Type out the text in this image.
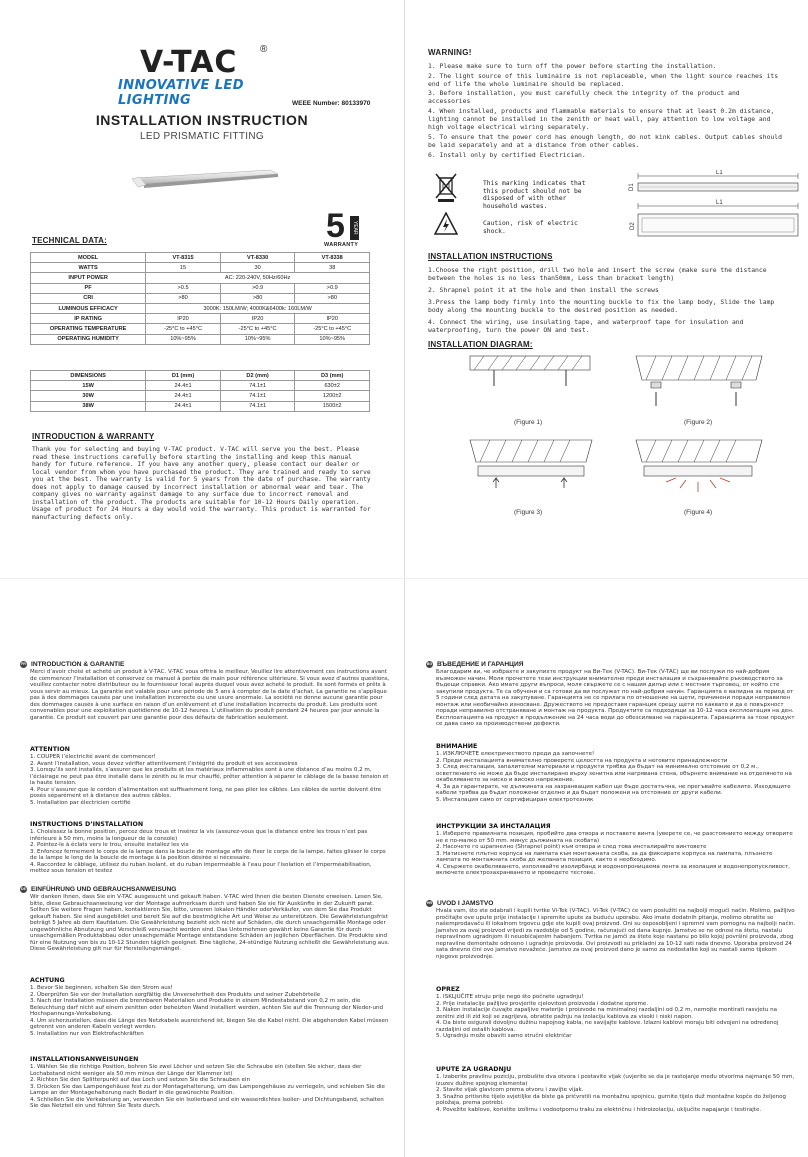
V-TAC ®
INNOVATIVE LED LIGHTING	WEEE Number: 80133970
INSTALLATION INSTRUCTION
LED PRISMATIC FITTING
5	YEAR
WARRANTY
TECHNICAL DATA:
MODEL	VT-8315	VT-8330	VT-8338
WATTS	15	30	38
INPUT POWER	AC: 220-240V, 50Hz/60Hz		
PF	>0.5	>0.9	>0.9
CRI	>80	>80	>80
LUMINOUS EFFICACY	3000K: 150LM/W; 4000K&6400k: 160LM/W		
IP RATING	IP20	IP20	IP20
OPERATING TEMPERATURE	-25°C to +45°C	-25°C to +45°C	-25°C to +45°C
OPERATING HUMIDITY	10%~95%	10%~95%	10%~95%
DIMENSIONS	D1 (mm)	D2 (mm)	D3 (mm)
15W	24.4±1	74.1±1	630±2
30W	24.4±1	74.1±1	1200±2
38W	24.4±1	74.1±1	1500±2
INTRODUCTION & WARRANTY
Thank you for selecting and buying V-TAC product. V-TAC will serve you the best. Please read these instructions carefully before starting the installing and keep this manual handy for future reference. If you have any another query, please contact our dealer or local vendor from whom you have purchased the product. They are trained and ready to serve you at the best. The warranty is valid for 5 years from the date of purchase. The warranty does not apply to damage caused by incorrect installation or abnormal wear and tear. The company gives no warranty against damage to any surface due to incorrect removal and installation of the product. The products are suitable for 10-12 Hours Daily operation. Usage of product for 24 Hours a day would void the warranty. This product is warranted for manufacturing defects only.
WARNING!
1. Please make sure to turn off the power before starting the installation.
2. The light source of this luminaire is not replaceable, when the light source reaches its end of life the whole luminaire should be replaced.
3. Before installation, you must carefully check the integrity of the product and accessories
4. When installed, products and flammable materials to ensure that at least 0.2m distance, lighting cannot be installed in the zenith or heat wall, pay attention to low voltage and high voltage electrical wiring separately.
5. To ensure that the power cord has enough length, do not kink cables. Output cables should be laid separately and at a distance from other cables.
6. Install only by certified Electrician.
This marking indicates that this product should not be disposed of with other household wastes.
Caution, risk of electric shock.
L1
D1
L1
D2
INSTALLATION INSTRUCTIONS
1.Choose the right position, drill two hole and insert the screw (make sure the distance between the holes is no less than50mm, Less than bracket length)
2. Shrapnel point it at the hole and then install the screws
3.Press the lamp body firmly into the mounting buckle to fix the lamp body, Slide the lamp body along the mounting buckle to the desired position as needed.
4. Connect the wiring, use insulating tape, and waterproof tape for insulation and waterproofing, turn the power ON and test.
INSTALLATION DIAGRAM:
(Figure 1)	(Figure 2)
(Figure 3)	(Figure 4)
FR INTRODUCTION & GARANTIE
Merci d’avoir choisi et acheté un produit à V-TAC. V-TAC vous offrira le meilleur. Veuillez lire attentivement ces instructions avant de commencer l’installation et conservez ce manuel à portée de main pour référence ultérieure. Si vous avez d’autres questions, veuillez contacter notre distributeur ou le fournisseur local auprès duquel vous avez acheté le produit. Ils sont formés et prêts à vous servir au mieux. La garantie est valable pour une période de 5 ans à compter de la date d’achat. La garantie ne s’applique pas à des dommages causés par une installation incorrecte ou une usure anormale. La société ne donne aucune garantie pour des dommages causés à une surface en raison d’un enlèvement et d’une installation incorrects du produit. Les produits sont convenables pour une exploitation quotidienne de 10-12 heures. L’utilisation du produit pendant 24 heures par jour annule la garantie. Ce produit est couvert par une garantie pour des défauts de fabrication seulement.
ATTENTION
1. COUPER l’électricité avant de commencer!
2. Avant l’installation, vous devez vérifier attentivement l’intégrité du produit et ses accessoires
3. Lorsqu’ils sont installés, s’assurer que les produits et les matériaux inflammables sont à une distance d’au moins 0,2 m, l’éclairage ne peut pas être installé dans le zénith ou le mur chauffé, prêter attention à séparer le câblage de la basse tension et la haute tension.
4. Pour s’assurer que le cordon d’alimentation est suffisamment long, ne pas plier les câbles. Les câbles de sortie doivent être posés séparément et à distance des autres câbles.
5. Installation par électricien certifié
INSTRUCTIONS D’INSTALLATION
1. Choisissez la bonne position, percez deux trous et insérez la vis (assurez-vous que la distance entre les trous n’est pas inférieure à 50 mm, moins la longueur de la console)
2. Pointez-le à éclats vers le trou, ensuite installez les vis
3. Enfoncez fermement le corps de la lampe dans la boucle de montage afin de fixer le corps de la lampe, faites glisser le corps de la lampe le long de la boucle de montage à la position désirée si nécessaire.
4. Raccordez le câblage, utilisez du ruban isolant, et du ruban imperméable à l’eau pour l’isolation et l’imperméabilisation, mettez sous tension et testez
DE EINFÜHRUNG UND GEBRAUCHSANWEISUNG
Wir danken Ihnen, dass Sie ein V-TAC ausgesucht und gekauft haben. V-TAC wird Ihnen die besten Dienste erweisen. Lesen Sie, bitte, diese Gebrauchsanweisung vor der Montage aufmerksam durch und haben Sie sie für Auskünfte in der Zukunft parat. Sollten Sie weitere Fragen haben, kontaktieren Sie, bitte, unseren lokalen Händler oderVerkäufer, von dem Sie das Produkt gekauft haben. Sie sind ausgebildet und bereit Sie auf die bestmögliche Art und Weise zu unterstützen. Die Gewährleistungsfrist beträgt 5 Jahre ab dem Kaufdatum. Die Gewährleistung bezieht sich nicht auf Schäden, die durch unsachgemäße Montage oder ungewöhnliche Abnutzung und Verschleiß verursacht worden sind. Das Unternehmen gewährt keine Garantie für durch unsachgemäßen Produktabbau oder unsachgemäße Montage entstandene Schäden an jeglichen Oberflächen. Die Produkte sind für eine Nutzung von bis zu 10-12 Stunden täglich geeignet. Eine tägliche, 24-stündige Nutzung schließt die Gewährleistung aus. Diese Gewährleistung gilt nur für Herstellungsmängel.
ACHTUNG
1. Bevor Sie beginnen, schalten Sie den Strom aus!
2. Überprüfen Sie vor der Installation sorgfältig die Unversehrtheit des Produkts und seiner Zubehörteile
3. Nach der Installation müssen die brennbaren Materialien und Produkte in einem Mindestabstand von 0,2 m sein, die Beleuchtung darf nicht auf einem zenitten oder beheizten Wand installiert werden, achten Sie auf die Trennung der Nieder-und Hochspannungs-Verkabelung.
4. Um sicherzustellen, dass die Länge des Netzkabels ausreichend ist, biegen Sie die Kabel nicht. Die abgehenden Kabel müssen getrennt von anderen Kabeln verlegt werden.
5. Installation nur von Elektrofachkräften
INSTALLATIONSANWEISUNGEN
1. Wählen Sie die richtige Position, bohren Sie zwei Löcher und setzen Sie die Schraube ein (stellen Sie sicher, dass der Lochabstand nicht weniger als 50 mm minus der Länge der Klammer ist)
2. Richten Sie den Splitterpunkt auf das Loch und setzen Sie die Schrauben ein
3. Drücken Sie das Lampengehäuse fest zu der Montagehalterung, um das Lampengehäuse zu verriegeln, und schieben Sie die Lampe an der Montagehalterung nach Bedarf in die gewünschte Position.
4. Schließen Sie die Verkabelung an, verwenden Sie ein Isolierband und ein wasserdichtes Isolier- und Dichtungsband, schalten Sie das Netzteil ein und führen Sie Tests durch.
BG ВЪВЕДЕНИЕ И ГАРАНЦИЯ
Благодарим ви, че избрахте и закупихте продукт на Ви-Тек (V-TAC). Ви-Тек (V-TAC) ще ви послужи по най-добрия възможен начин. Моля прочетете тези инструкции внимателно преди инсталация и съхранявайте ръководството за бъдещи справки. Ако имате други въпроси, моля свържете се с нашия дилър или с местния търговец, от който сте закупили продукта. Те са обучени и са готови да ви послужат по най-добрия начин. Гаранцията е валидна за период от 5 години след датата на закупуване. Гаранцията не се прилага по отношение на щети, причинени поради неправилен монтаж или необичайно износване. Дружеството не предоставя гаранция срещу щети по каквато и да е повърхност поради неправилно отстраняване и монтаж на продукта. Продуктите са подходящи за 10-12 часа експлоатация на ден. Експлоатацията на продукт в продължение на 24 часа води до обезсилване на гаранцията. Гаранцията за този продукт се дава само за производствени дефекти.
ВНИМАНИЕ
1. ИЗКЛЮЧЕТЕ електричеството преди да започнете!
2. Преди инсталацията внимателно проверете целостта на продукта и неговите принадлежности
3. След инсталация, запалителни материали и продукти трябва да бъдат на минимално отстояние от 0,2 м., осветлението не може да бъде инсталирано върху зенитна или нагрявана стена, обърнете внимание на отделянето на окабеляването за ниско и високо напрежение.
4. За да гарантирате, че дължината на захранващия кабел ще бъде достатъчна, не прегъвайте кабелите. Изходящите кабели трябва да бъдат положени отделно и да бъдат положени на отстояние от други кабели.
5. Инсталация само от сертифициран електротехник
ИНСТРУКЦИИ ЗА ИНСТАЛАЦИЯ
1. Изберете правилната позиция, пробийте два отвора и поставете винта (уверете се, че разстоянието между отворите не е по-малко от 50 mm. минус дължината на скобата)
2. Насочете го шрапнелно (Shrapnel point) към отвора и след това инсталирайте винтовете
3. Натиснете плътно корпуса на лампата към монтажната скоба, за да фиксирате корпуса на лампата, плъзнете лампата по монтажната скоба до желаната позиция, както е необходимо.
4. Свържете окабеляването, използвайте изолирбанд и водонепроницаема лента за изолация и водонепропускливост, включете електрозахранването и проведете тестове.
HR UVOD I JAMSTVO
Hvala vam, što ste odabrali i kupili tvrtke Vi-Tek (V-TAC). Vi-Tek (V-TAC) će vam poslužiti na najbolji mogući način. Molimo, pažljivo pročitajte ove upute prije instalacije i spremite upute za buduću uporabu. Ako imate dodatnih pitanja, molimo obratite se našemprodavaču ili lokalnom trgovcu gdje ste kupili ovaj proizvod. Oni su osposobljeni i spremni vam pomognu na najbolji način. Jamstvo za ovaj proizvod vrijedi za razdoblje od 5 godine, računajući od dana kupnje. Jamstvo se ne odnosi na štetu, nastalu nepravilnom ugradnjom ili neuobičajenim habanjem. Tvrtka ne jamči za štete koje nastanu po bilo kojoj površini proizvoda, zbog nepravilne demontaže odnosno i ugradnje proizvoda. Ovi proizvodi su prikladni za 10-12 sati rada dnevno. Uporaba proizvod 24 sata dnevno čini ovo jamstvo nevažeće. Jamstvo za ovaj proizvod dano je samo za nedostatke koji su nastali samo tijekom njegove proizvodnje.
OPREZ
1. ISKLJUČITE struju prije nego što počnete ugradnju!
2. Prije instalacije pažljivo provjerite cjelovitost proizvoda i dodatne opreme.
3. Nakon instalacije čuvajte zapaljive materije i proizvode na minimalnoj razdaljini od 0,2 m, nemojte montirati rasvjetu na zenitni zid ili zid koji se zagrijeva, obratite pažnju na izolaciju kablova za visoki i niski napon.
4. Da biste osigurali dovoljnu dužinu napojnog kabla, ne savijajte kablove. Izlazni kablovi moraju biti odvojeni na određenoj razdaljini od ostalih kablova.
5. Ugradnju može obaviti samo stručni električar
UPUTE ZA UGRADNJU
1. Izaberite pravilnu poziciju, probušite dva otvora i postavite vijak (uvjerite se da je rastojanje među otvorima najmanje 50 mm, izuzev dužine spojnog elementa)
2. Stavite vijak glavicom prema otvoru i zavijte vijak.
3. Snažno pritisnite tijelo svjetiljke da biste ga pričvrstili na montažnu spojnicu, gurnite tijelo duž montažne kopče do željenog položaja, prema potrebi.
4. Povežite kablove, koristite izolirnu i vodootpornu traku za električnu i hidroizolaciju, uključite napajanje i testirajte.
